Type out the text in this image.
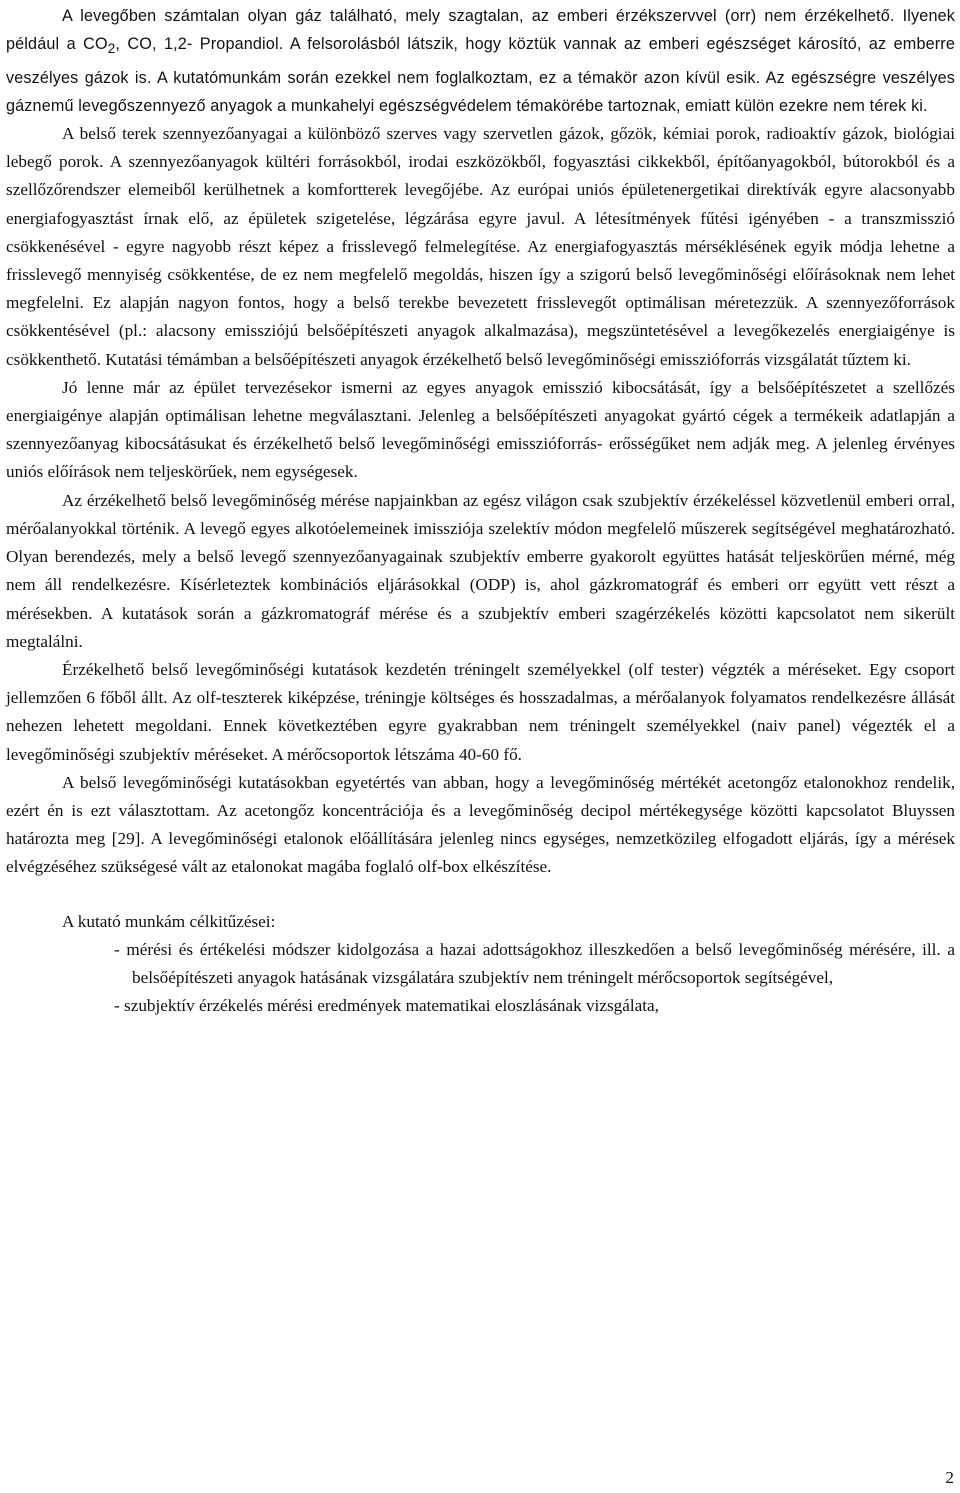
A levegőben számtalan olyan gáz található, mely szagtalan, az emberi érzékszervvel (orr) nem érzékelhető. Ilyenek például a $CO_2$, CO, 1,2- Propandiol. A felsorolásból látszik, hogy köztük vannak az emberi egészséget károsító, az emberre veszélyes gázok is. A kutatómunkám során ezekkel nem foglalkoztam, ez a témakör azon kívül esik. Az egészségre veszélyes gáznemű levegőszennyező anyagok a munkahelyi egészségvédelem témakörébe tartoznak, emiatt külön ezekre nem térek ki.

A belső terek szennyezőanyagai a különböző szerves vagy szervetlen gázok, gőzök, kémiai porok, radioaktív gázok, biológiai lebegő porok. A szennyezőanyagok kültéri forrásokból, irodai eszközökből, fogyasztási cikkekből, építőanyagokból, bútorokból és a szellőzőrendszer elemeiből kerülhetnek a komfortterek levegőjébe. Az európai uniós épületenergetikai direktívák egyre alacsonyabb energiafogyasztást írnak elő, az épületek szigetelése, légzárása egyre javul. A létesítmények fűtési igényében - a transzmisszió csökkenésével - egyre nagyobb részt képez a frisslevegő felmelegítése. Az energiafogyasztás mérséklésének egyik módja lehetne a frisslevegő mennyiség csökkentése, de ez nem megfelelő megoldás, hiszen így a szigorú belső levegőminőségi előírásoknak nem lehet megfelelni. Ez alapján nagyon fontos, hogy a belső terekbe bevezetett frisslevegőt optimálisan méretezzük. A szennyezőforrások csökkentésével (pl.: alacsony emissziójú belsőépítészeti anyagok alkalmazása), megszüntetésével a levegőkezelés energiaigénye is csökkenthető. Kutatási témámban a belsőépítészeti anyagok érzékelhető belső levegőminőségi emisszióforrás vizsgálatát tűztem ki.

Jó lenne már az épület tervezésekor ismerni az egyes anyagok emisszió kibocsátását, így a belsőépítészetet a szellőzés energiaigénye alapján optimálisan lehetne megválasztani. Jelenleg a belsőépítészeti anyagokat gyártó cégek a termékeik adatlapján a szennyezőanyag kibocsátásukat és érzékelhető belső levegőminőségi emisszióforrás- erősségűket nem adják meg. A jelenleg érvényes uniós előírások nem teljeskörűek, nem egységesek.

Az érzékelhető belső levegőminőség mérése napjainkban az egész világon csak szubjektív érzékeléssel közvetlenül emberi orral, mérőalanyokkal történik. A levegő egyes alkotóelemeinek imissziója szelektív módon megfelelő műszerek segítségével meghatározható. Olyan berendezés, mely a belső levegő szennyezőanyagainak szubjektív emberre gyakorolt együttes hatását teljeskörűen mérné, még nem áll rendelkezésre. Kísérleteztek kombinációs eljárásokkal (ODP) is, ahol gázkromatográf és emberi orr együtt vett részt a mérésekben. A kutatások során a gázkromatográf mérése és a szubjektív emberi szagérzékelés közötti kapcsolatot nem sikerült megtalálni.

Érzékelhető belső levegőminőségi kutatások kezdetén tréningelt személyekkel (olf tester) végzték a méréseket. Egy csoport jellemzően 6 főből állt. Az olf-teszterek kiképzése, tréningje költséges és hosszadalmas, a mérőalanyok folyamatos rendelkezésre állását nehezen lehetett megoldani. Ennek következtében egyre gyakrabban nem tréningelt személyekkel (naiv panel) végezték el a levegőminőségi szubjektív méréseket. A mérőcsoportok létszáma 40-60 fő.

A belső levegőminőségi kutatásokban egyetértés van abban, hogy a levegőminőség mértékét acetongőz etalonokhoz rendelik, ezért én is ezt választottam. Az acetongőz koncentrációja és a levegőminőség decipol mértékegysége közötti kapcsolatot Bluyssen határozta meg [29]. A levegőminőségi etalonok előállítására jelenleg nincs egységes, nemzetközileg elfogadott eljárás, így a mérések elvégzéséhez szükségesé vált az etalonokat magába foglaló olf-box elkészítése.

A kutató munkám célkitűzései:

- mérési és értékelési módszer kidolgozása a hazai adottságokhoz illeszkedően a belső levegőminőség mérésére, ill. a belsőépítészeti anyagok hatásának vizsgálatára szubjektív nem tréningelt mérőcsoportok segítségével,
- szubjektív érzékelés mérési eredmények matematikai eloszlásának vizsgálata,
2
